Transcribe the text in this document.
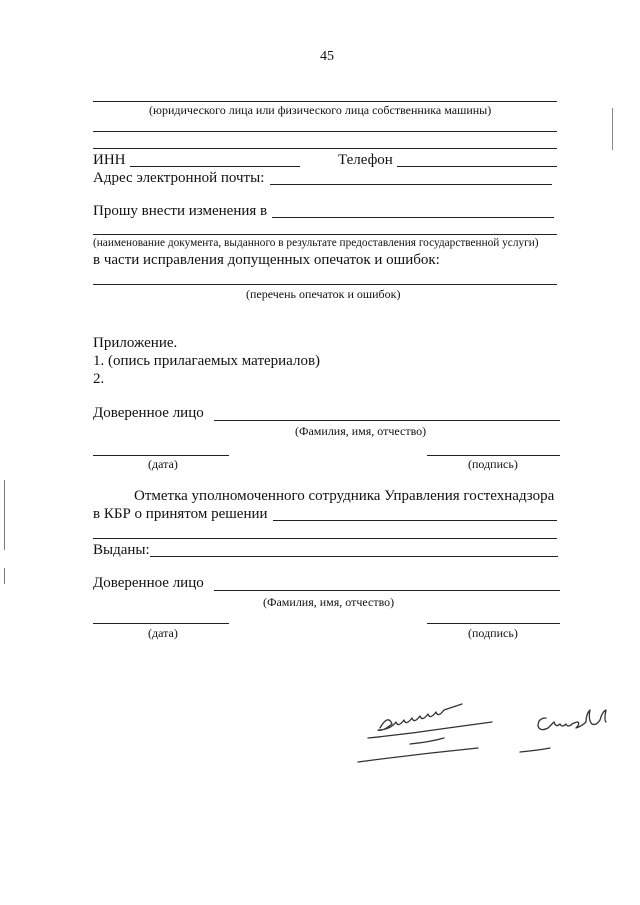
45
(юридического лица или физического лица собственника машины)
ИНН	Телефон
Адрес электронной почты:
Прошу внести изменения в
(наименование документа, выданного в результате предоставления государственной услуги)
в части исправления допущенных опечаток и ошибок:
(перечень опечаток и ошибок)
Приложение.
1. (опись прилагаемых материалов)
2.
Доверенное лицо
(Фамилия, имя, отчество)
(дата)	(подпись)
Отметка уполномоченного сотрудника Управления гостехнадзора
в КБР о принятом решении
Выданы:
Доверенное лицо
(Фамилия, имя, отчество)
(дата)	(подпись)
